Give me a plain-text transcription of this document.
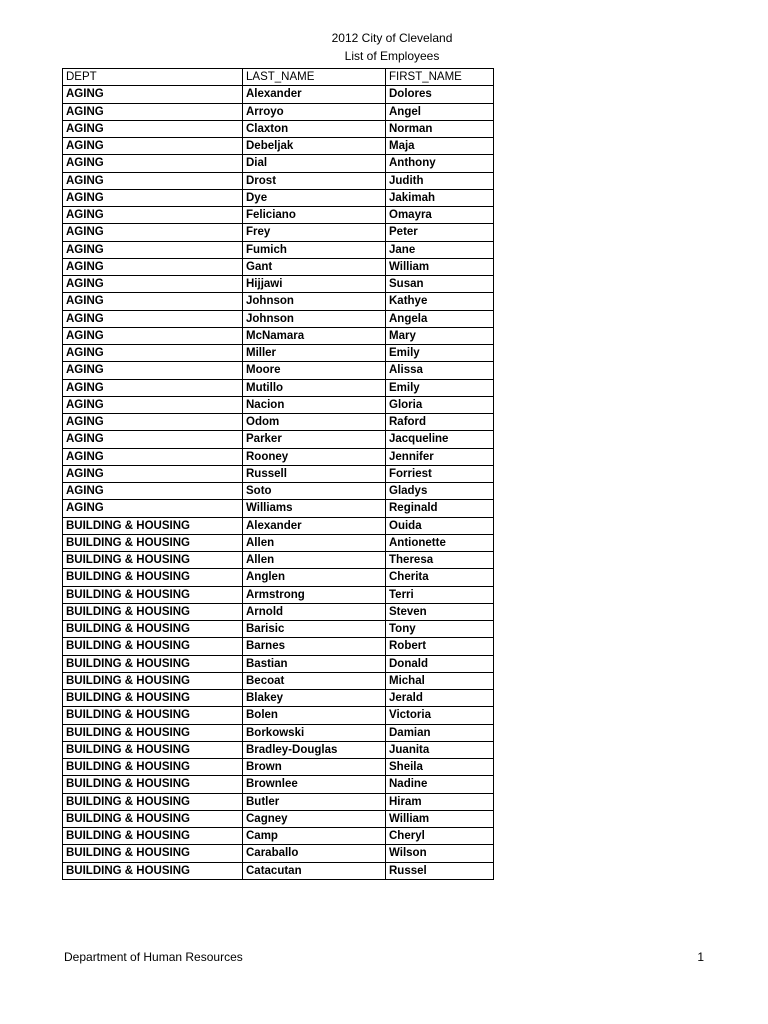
2012 City of Cleveland
List of Employees
DEPT	LAST_NAME	FIRST_NAME
AGING	Alexander	Dolores
AGING	Arroyo	Angel
AGING	Claxton	Norman
AGING	Debeljak	Maja
AGING	Dial	Anthony
AGING	Drost	Judith
AGING	Dye	Jakimah
AGING	Feliciano	Omayra
AGING	Frey	Peter
AGING	Fumich	Jane
AGING	Gant	William
AGING	Hijjawi	Susan
AGING	Johnson	Kathye
AGING	Johnson	Angela
AGING	McNamara	Mary
AGING	Miller	Emily
AGING	Moore	Alissa
AGING	Mutillo	Emily
AGING	Nacion	Gloria
AGING	Odom	Raford
AGING	Parker	Jacqueline
AGING	Rooney	Jennifer
AGING	Russell	Forriest
AGING	Soto	Gladys
AGING	Williams	Reginald
BUILDING & HOUSING	Alexander	Ouida
BUILDING & HOUSING	Allen	Antionette
BUILDING & HOUSING	Allen	Theresa
BUILDING & HOUSING	Anglen	Cherita
BUILDING & HOUSING	Armstrong	Terri
BUILDING & HOUSING	Arnold	Steven
BUILDING & HOUSING	Barisic	Tony
BUILDING & HOUSING	Barnes	Robert
BUILDING & HOUSING	Bastian	Donald
BUILDING & HOUSING	Becoat	Michal
BUILDING & HOUSING	Blakey	Jerald
BUILDING & HOUSING	Bolen	Victoria
BUILDING & HOUSING	Borkowski	Damian
BUILDING & HOUSING	Bradley-Douglas	Juanita
BUILDING & HOUSING	Brown	Sheila
BUILDING & HOUSING	Brownlee	Nadine
BUILDING & HOUSING	Butler	Hiram
BUILDING & HOUSING	Cagney	William
BUILDING & HOUSING	Camp	Cheryl
BUILDING & HOUSING	Caraballo	Wilson
BUILDING & HOUSING	Catacutan	Russel
Department of Human Resources	1
